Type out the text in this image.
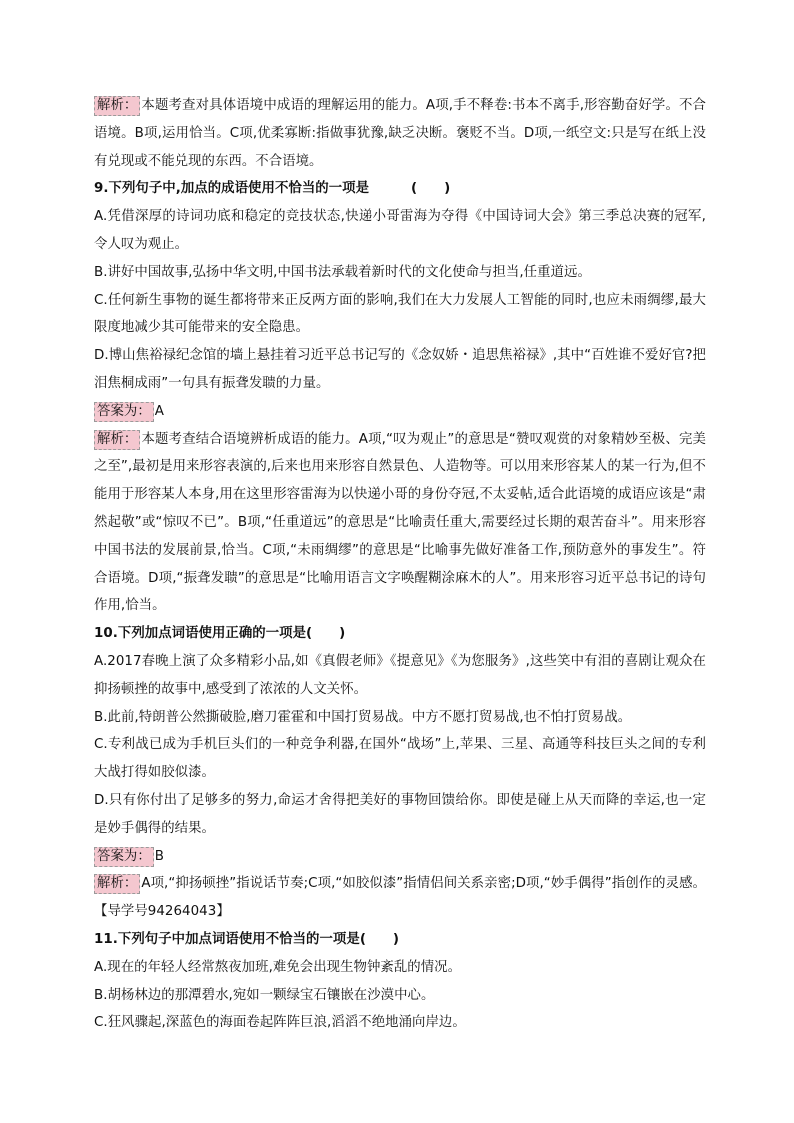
解析： 本题考查对具体语境中成语的理解运用的能力。A项,手不释卷:书本不离手,形容勤奋好学。不合语境。B项,运用恰当。C项,优柔寡断:指做事犹豫,缺乏决断。褒贬不当。D项,一纸空文:只是写在纸上没有兑现或不能兑现的东西。不合语境。

9.下列句子中,加点的成语使用不恰当的一项是	(　　)

A.凭借深厚的诗词功底和稳定的竞技状态,快递小哥雷海为夺得《中国诗词大会》第三季总决赛的冠军,令人叹为观止。

B.讲好中国故事,弘扬中华文明,中国书法承载着新时代的文化使命与担当,任重道远。

C.任何新生事物的诞生都将带来正反两方面的影响,我们在大力发展人工智能的同时,也应未雨绸缪,最大限度地减少其可能带来的安全隐患。

D.博山焦裕禄纪念馆的墙上悬挂着习近平总书记写的《念奴娇・追思焦裕禄》,其中“百姓谁不爱好官?把泪焦桐成雨”一句具有振聋发聩的力量。

答案为： A

解析： 本题考查结合语境辨析成语的能力。A项,“叹为观止”的意思是“赞叹观赏的对象精妙至极、完美之至”,最初是用来形容表演的,后来也用来形容自然景色、人造物等。可以用来形容某人的某一行为,但不能用于形容某人本身,用在这里形容雷海为以快递小哥的身份夺冠,不太妥帖,适合此语境的成语应该是“肃然起敬”或“惊叹不已”。B项,“任重道远”的意思是“比喻责任重大,需要经过长期的艰苦奋斗”。用来形容中国书法的发展前景,恰当。C项,“未雨绸缪”的意思是“比喻事先做好准备工作,预防意外的事发生”。符合语境。D项,“振聋发聩”的意思是“比喻用语言文字唤醒糊涂麻木的人”。用来形容习近平总书记的诗句作用,恰当。

10.下列加点词语使用正确的一项是(　　)

A.2017春晚上演了众多精彩小品,如《真假老师》《提意见》《为您服务》,这些笑中有泪的喜剧让观众在抑扬顿挫的故事中,感受到了浓浓的人文关怀。

B.此前,特朗普公然撕破脸,磨刀霍霍和中国打贸易战。中方不愿打贸易战,也不怕打贸易战。

C.专利战已成为手机巨头们的一种竞争利器,在国外“战场”上,苹果、三星、高通等科技巨头之间的专利大战打得如胶似漆。

D.只有你付出了足够多的努力,命运才舍得把美好的事物回馈给你。即使是碰上从天而降的幸运,也一定是妙手偶得的结果。

答案为： B

解析： A项,“抑扬顿挫”指说话节奏;C项,“如胶似漆”指情侣间关系亲密;D项,“妙手偶得”指创作的灵感。【导学号94264043】

11.下列句子中加点词语使用不恰当的一项是(　　)

A.现在的年轻人经常熬夜加班,难免会出现生物钟紊乱的情况。

B.胡杨林边的那潭碧水,宛如一颗绿宝石镶嵌在沙漠中心。

C.狂风骤起,深蓝色的海面卷起阵阵巨浪,滔滔不绝地涌向岸边。
